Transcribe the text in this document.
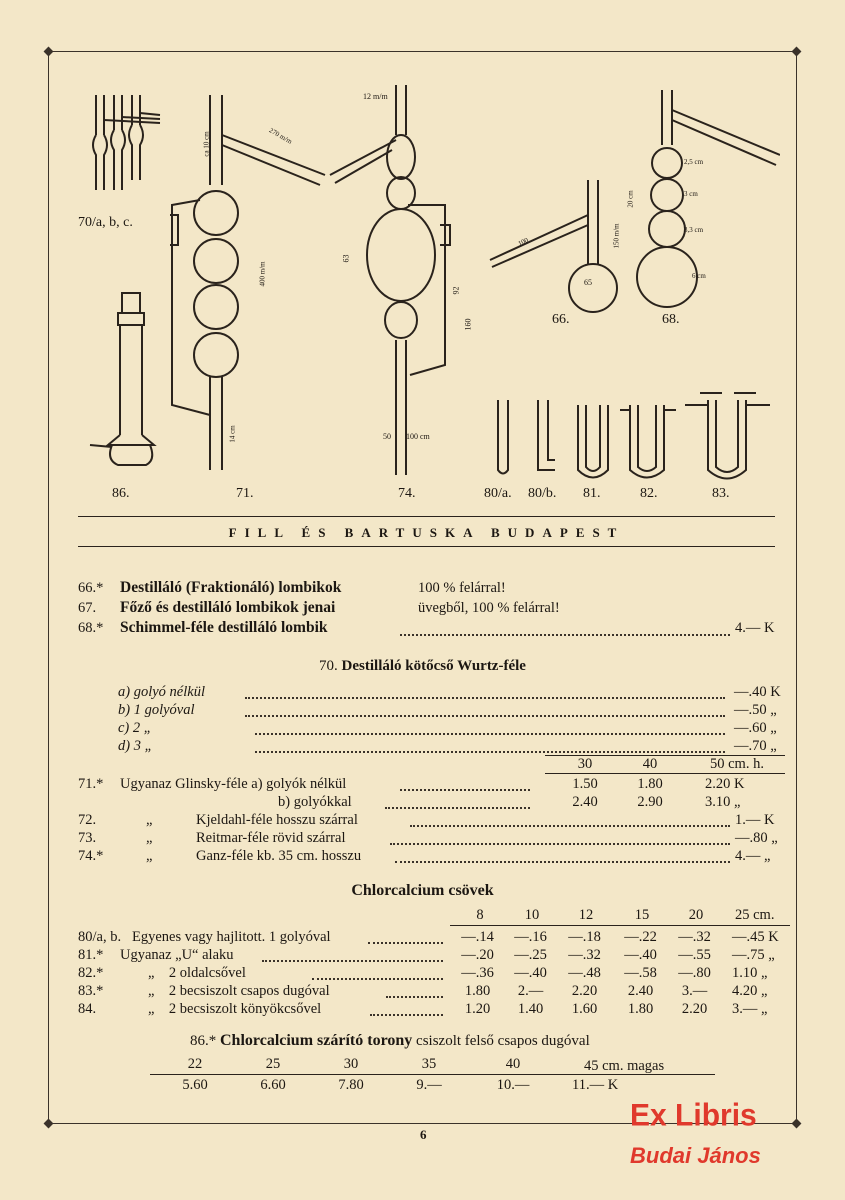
70/a, b, c.
66.	68.
86.	71.	74.	80/a. 80/b. 81.	82.	83.
ca 10 cm
400 m/m
14 cm
270 m/m
12 m/m
63
92
160
50 100 cm
150 m/m
100
65
2,5 cm
3 cm
3,3 cm
6 cm
20 cm
FILL ÉS BARTUSKA BUDAPEST
66.* Destilláló (Fraktionáló) lombikok	100 % felárral!
67. Főző és destilláló lombikok jenai	üvegből, 100 % felárral!
68.* Schimmel-féle destilláló lombik	4.— K
70. Destilláló kötőcső Wurtz-féle
a) golyó nélkül	—.40 K
b) 1 golyóval	—.50 „
c) 2 „	—.60 „
d) 3 „	—.70 „
30	40	50 cm. h.
71.* Ugyanaz Glinsky-féle a) golyók nélkül	1.50	1.80	2.20 K
b) golyókkal	2.40	2.90	3.10 „
72.	„	Kjeldahl-féle hosszu szárral	1.— K
73.	„	Reitmar-féle rövid szárral	—.80 „
74.*	„	Ganz-féle kb. 35 cm. hosszu	4.— „
Chlorcalcium csövek
8	10	12	15	20	25 cm.
80/a, b. Egyenes vagy hajlitott. 1 golyóval	—.14	—.16	—.18	—.22	—.32	—.45 K
81.* Ugyanaz „U“ alaku	—.20	—.25	—.32	—.40	—.55	—.75 „
82.*	„    2 oldalcsővel	—.36	—.40	—.48	—.58	—.80	1.10 „
83.*	„    2 becsiszolt csapos dugóval	1.80	2.—	2.20	2.40	3.—	4.20 „
84.	„    2 becsiszolt könyökcsővel	1.20	1.40	1.60	1.80	2.20	3.— „
86.* Chlorcalcium szárító torony csiszolt felső csapos dugóval
22	25	30	35	40	45 cm. magas
5.60	6.60	7.80	9.—	10.—	11.— K
6
Ex Libris
Budai János
